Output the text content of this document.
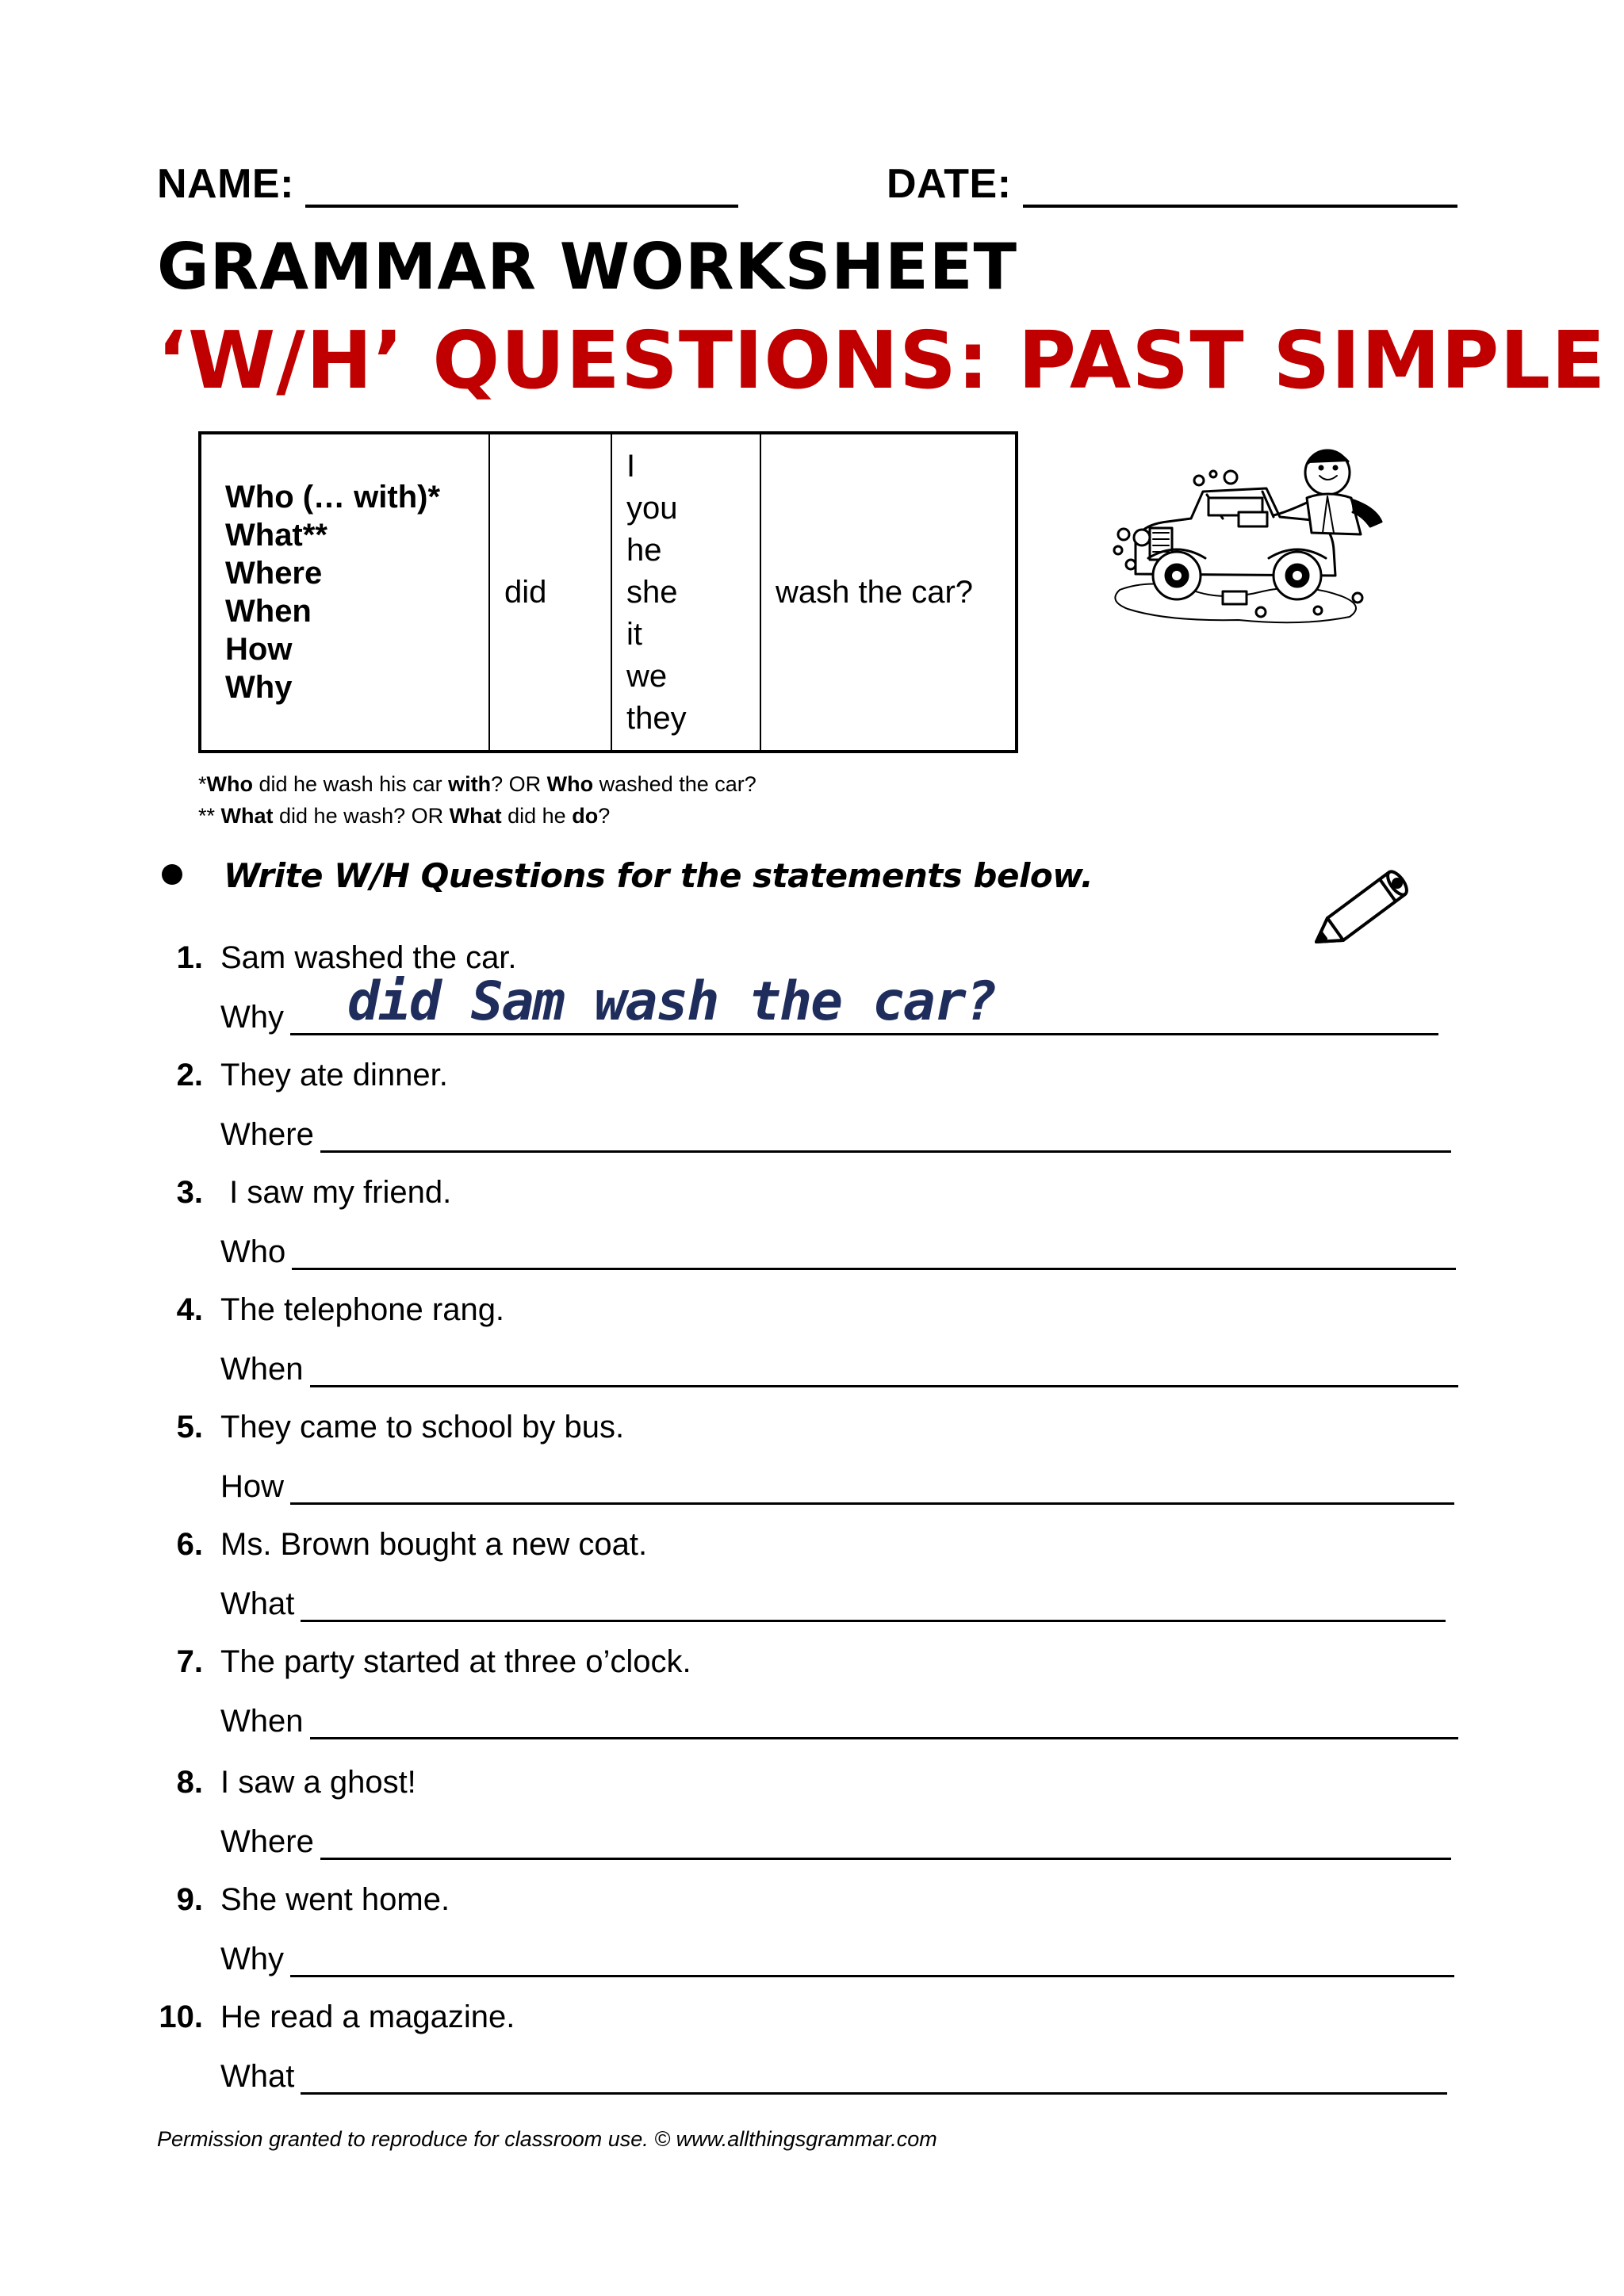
NAME:	DATE:
GRAMMAR WORKSHEET
‘W/H’ QUESTIONS: PAST SIMPLE
Who (… with)*
What**
Where
When
How
Why
did
I
you
he
she
it
we
they
wash the car?
*Who did he wash his car with? OR Who washed the car?
** What did he wash? OR What did he do?
Write W/H Questions for the statements below.
1. Sam washed the car.
Why did Sam wash the car?
2. They ate dinner.
Where
3. I saw my friend.
Who
4. The telephone rang.
When
5. They came to school by bus.
How
6. Ms. Brown bought a new coat.
What
7. The party started at three o’clock.
When
8. I saw a ghost!
Where
9. She went home.
Why
10. He read a magazine.
What
Permission granted to reproduce for classroom use. © www.allthingsgrammar.com
